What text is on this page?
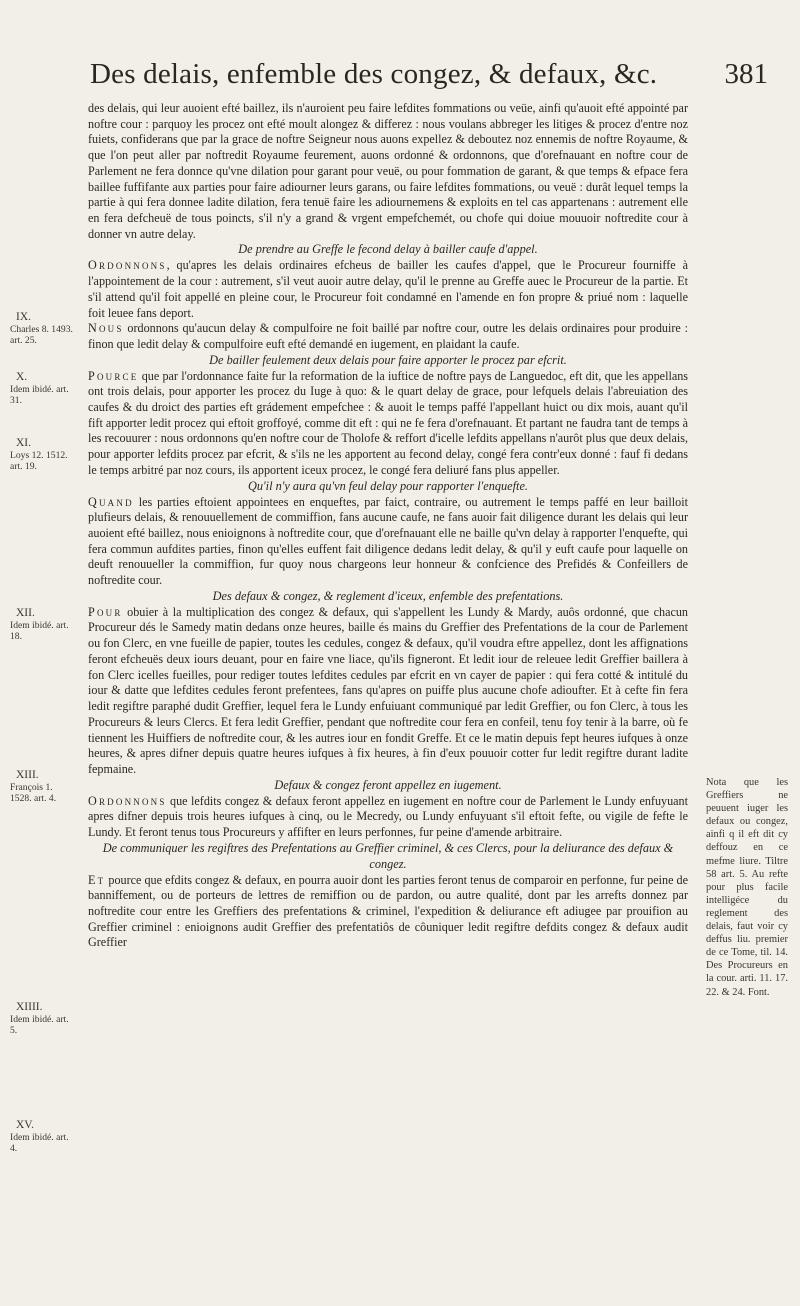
Des delais, enfemble des congez, & defaux, &c. 381

des delais, qui leur auoient efté baillez, ils n'auroient peu faire lefdites fommations ou veüe, ainfi qu'auoit efté appointé par noftre cour : parquoy les procez ont efté moult alongez & differez : nous voulans abbreger les litiges & procez d'entre noz fuiets, confiderans que par la grace de noftre Seigneur nous auons expellez & deboutez noz ennemis de noftre Royaume, & que l'on peut aller par noftredit Royaume feurement, auons ordonné & ordonnons, que d'orefnauant en noftre cour de Parlement ne fera donnce qu'vne dilation pour garant pour veuë, ou pour fommation de garant, & que temps & efpace fera baillee fuffifante aux parties pour faire adiourner leurs garans, ou faire lefdites fommations, ou veuë : durât lequel temps la partie à qui fera donnee ladite dilation, fera tenuë faire les adiournemens & exploits en tel cas appartenans : autrement elle en fera defcheuë de tous poincts, s'il n'y a grand & vrgent empefchemét, ou chofe qui doiue mouuoir noftredite cour à donner vn autre delay.

De prendre au Greffe le fecond delay à bailler caufe d'appel.

Ordonnons, qu'apres les delais ordinaires efcheus de bailler les caufes d'appel, que le Procureur fourniffe à l'appointement de la cour : autrement, s'il veut auoir autre delay, qu'il le prenne au Greffe auec le Procureur de la partie. Et s'il attend qu'il foit appellé en pleine cour, le Procureur foit condamné en l'amende en fon propre & priué nom : laquelle foit leuee fans deport.

Nous ordonnons qu'aucun delay & compulfoire ne foit baillé par noftre cour, outre les delais ordinaires pour produire : finon que ledit delay & compulfoire euft efté demandé en iugement, en plaidant la caufe.

De bailler feulement deux delais pour faire apporter le procez par efcrit.

Pource que par l'ordonnance faite fur la reformation de la iuftice de noftre pays de Languedoc, eft dit, que les appellans ont trois delais, pour apporter les procez du Iuge à quo: & le quart delay de grace, pour lefquels delais l'abreuiation des caufes & du droict des parties eft grádement empefchee : & auoit le temps paffé l'appellant huict ou dix mois, auant qu'il fift apporter ledit procez qui eftoit groffoyé, comme dit eft : qui ne fe fera d'orefnauant. Et partant ne faudra tant de temps à les recouurer : nous ordonnons qu'en noftre cour de Tholofe & reffort d'icelle lefdits appellans n'aurôt plus que deux delais, pour apporter lefdits procez par efcrit, & s'ils ne les apportent au fecond delay, congé fera contr'eux donné : fauf fi dedans le temps arbitré par noz cours, ils apportent iceux procez, le congé fera deliuré fans plus appeller.

Qu'il n'y aura qu'vn feul delay pour rapporter l'enquefte.

Quand les parties eftoient appointees en enqueftes, par faict, contraire, ou autrement le temps paffé en leur bailloit plufieurs delais, & renouuellement de commiffion, fans aucune caufe, ne fans auoir fait diligence durant les delais qui leur auoient efté baillez, nous enioignons à noftredite cour, que d'orefnauant elle ne baille qu'vn delay à rapporter l'enquefte, qui fera commun aufdites parties, finon qu'elles euffent fait diligence dedans ledit delay, & qu'il y euft caufe pour laquelle on deuft renouueller la commiffion, fur quoy nous chargeons leur honneur & confcience des Prefidés & Confeillers de noftredite cour.

Des defaux & congez, & reglement d'iceux, enfemble des prefentations.

Pour obuier à la multiplication des congez & defaux, qui s'appellent les Lundy & Mardy, auôs ordonné, que chacun Procureur dés le Samedy matin dedans onze heures, baille és mains du Greffier des Prefentations de la cour de Parlement ou fon Clerc, en vne fueille de papier, toutes les cedules, congez & defaux, qu'il voudra eftre appellez, dont les affignations feront efcheuës deux iours deuant, pour en faire vne liace, qu'ils figneront. Et ledit iour de releuee ledit Greffier baillera à fon Clerc icelles fueilles, pour rediger toutes lefdites cedules par efcrit en vn cayer de papier : qui fera cotté & intitulé du iour & datte que lefdites cedules feront prefentees, fans qu'apres on puiffe plus aucune chofe adioufter. Et à cefte fin fera ledit regiftre paraphé dudit Greffier, lequel fera le Lundy enfuiuant communiqué par ledit Greffier, ou fon Clerc, à tous les Procureurs & leurs Clercs. Et fera ledit Greffier, pendant que noftredite cour fera en confeil, tenu foy tenir à la barre, où fe tiennent les Huiffiers de noftredite cour, & les autres iour en fondit Greffe. Et ce le matin depuis fept heures iufques à onze heures, & apres difner depuis quatre heures iufques à fix heures, à fin d'eux pouuoir cotter fur ledit regiftre durant ladite fepmaine.

Defaux & congez feront appellez en iugement.

Ordonnons que lefdits congez & defaux feront appellez en iugement en noftre cour de Parlement le Lundy enfuyuant apres difner depuis trois heures iufques à cinq, ou le Mecredy, ou Lundy enfuyuant s'il eftoit fefte, ou vigile de fefte le Lundy. Et feront tenus tous Procureurs y affifter en leurs perfonnes, fur peine d'amende arbitraire.

De communiquer les regiftres des Prefentations au Greffier criminel, & ces Clercs, pour la deliurance des defaux & congez.

Et pource que efdits congez & defaux, en pourra auoir dont les parties feront tenus de comparoir en perfonne, fur peine de banniffement, ou de porteurs de lettres de remiffion ou de pardon, ou autre qualité, dont par les arrefts donnez par noftredite cour entre les Greffiers des prefentations & criminel, l'expedition & deliurance eft adiugee par prouifion au Greffier criminel : enioignons audit Greffier des prefentatiôs de côuniquer ledit regiftre defdits congez & defaux audit Greffier

IX.
Charles 8. 1493. art. 25.
X.
Idem ibidé. art. 31.
XI.
Loys 12. 1512. art. 19.
XII.
Idem ibidé. art. 18.
XIII.
François 1. 1528. art. 4.
XIIII.
Idem ibidé. art. 5.
XV.
Idem ibidé. art. 4.
Nota que les Greffiers ne peuuent iuger les defaux ou congez, ainfi q il eft dit cy deffouz en ce mefme liure. Tiltre 58 art. 5. Au refte pour plus facile intelligéce du reglement des delais, faut voir cy deffus liu. premier de ce Tome, til. 14. Des Procureurs en la cour. arti. 11. 17. 22. & 24. Font.
